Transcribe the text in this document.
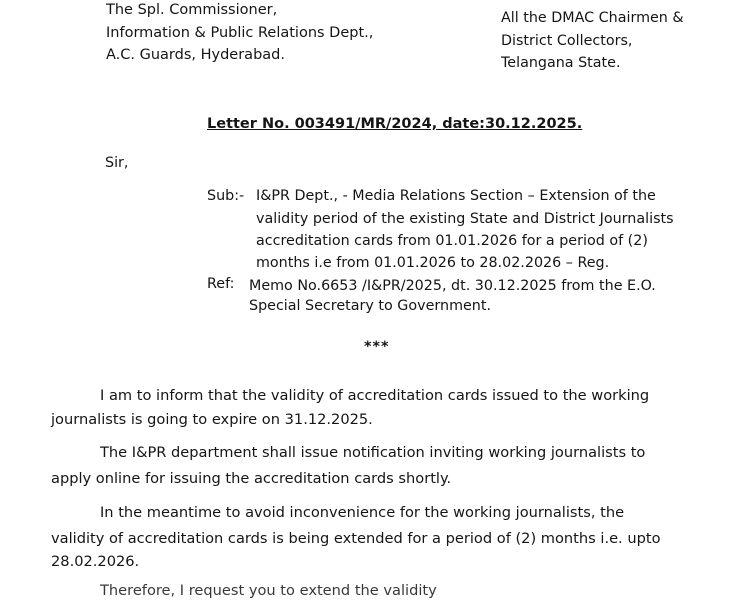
The Spl. Commissioner,
Information & Public Relations Dept.,
A.C. Guards, Hyderabad.
All the DMAC Chairmen &
District Collectors,
Telangana State.
Letter No. 003491/MR/2024, date:30.12.2025.
Sir,
Sub:- I&PR Dept., - Media Relations Section – Extension of the
validity period of the existing State and District Journalists
accreditation cards from 01.01.2026 for a period of (2)
months i.e from 01.01.2026 to 28.02.2026 – Reg.
Ref: Memo No.6653 /I&PR/2025, dt. 30.12.2025 from the E.O.
Special Secretary to Government.
***
I am to inform that the validity of accreditation cards issued to the working
journalists is going to expire on 31.12.2025.
The I&PR department shall issue notification inviting working journalists to
apply online for issuing the accreditation cards shortly.
In the meantime to avoid inconvenience for the working journalists, the
validity of accreditation cards is being extended for a period of (2) months i.e. upto
28.02.2026.
Therefore, I request you to extend the validity
